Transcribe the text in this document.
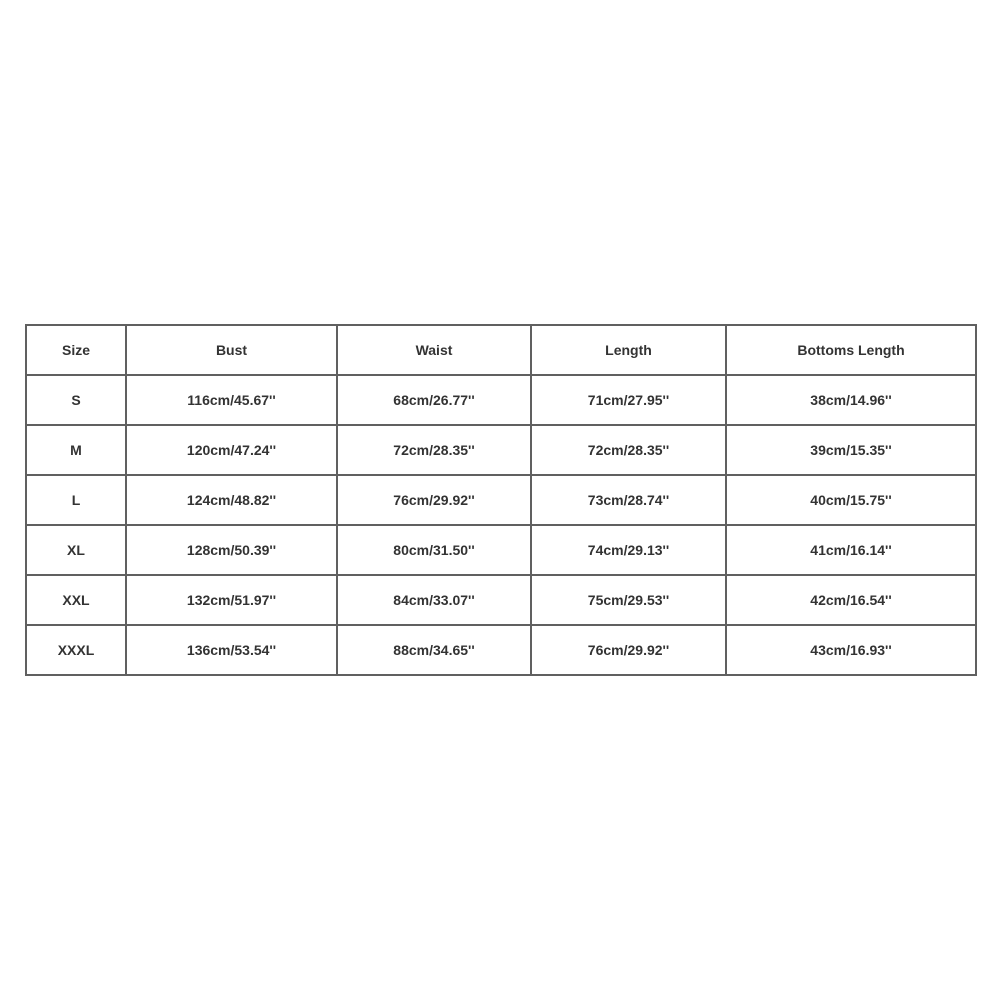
Size	Bust	Waist	Length	Bottoms Length
S	116cm/45.67''	68cm/26.77''	71cm/27.95''	38cm/14.96''
M	120cm/47.24''	72cm/28.35''	72cm/28.35''	39cm/15.35''
L	124cm/48.82''	76cm/29.92''	73cm/28.74''	40cm/15.75''
XL	128cm/50.39''	80cm/31.50''	74cm/29.13''	41cm/16.14''
XXL	132cm/51.97''	84cm/33.07''	75cm/29.53''	42cm/16.54''
XXXL	136cm/53.54''	88cm/34.65''	76cm/29.92''	43cm/16.93''
